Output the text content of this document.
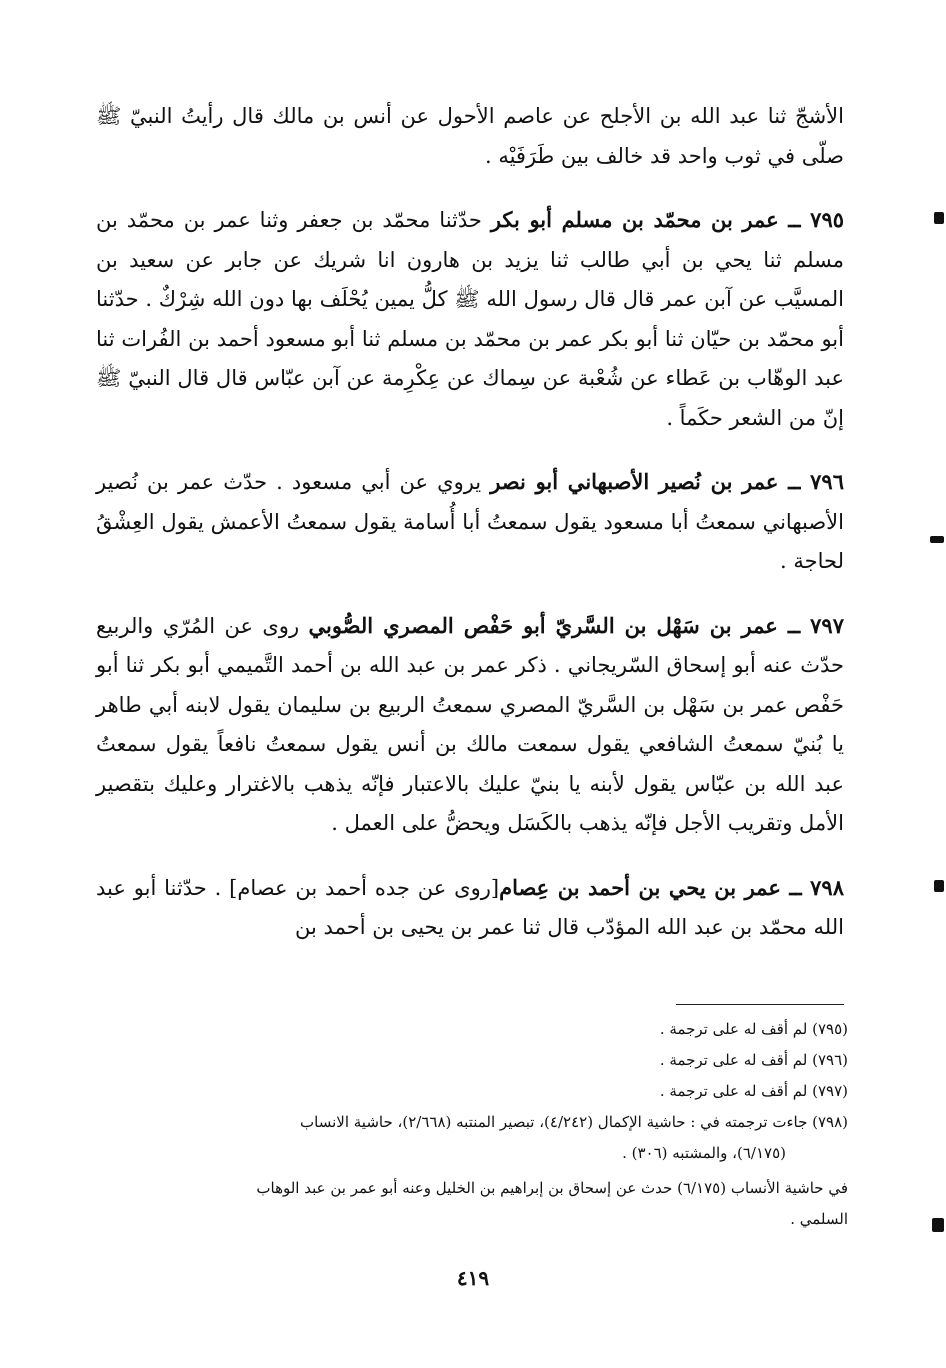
الأشجّ ثنا عبد الله بن الأجلح عن عاصم الأحول عن أنس بن مالك قال رأيتُ النبيّ ﷺ صلّى في ثوب واحد قد خالف بين طَرَفَيْه .

٧٩٥ ــ عمر بن محمّد بن مسلم أبو بكر حدّثنا محمّد بن جعفر وثنا عمر بن محمّد بن مسلم ثنا يحي بن أبي طالب ثنا يزيد بن هارون انا شريك عن جابر عن سعيد بن المسيَّب عن آبن عمر قال قال رسول الله ﷺ كلُّ يمين يُحْلَف بها دون الله شِرْكٌ . حدّثنا أبو محمّد بن حيّان ثنا أبو بكر عمر بن محمّد بن مسلم ثنا أبو مسعود أحمد بن الفُرات ثنا عبد الوهّاب بن عَطاء عن شُعْبة عن سِماك عن عِكْرِمة عن آبن عبّاس قال قال النبيّ ﷺ إنّ من الشعر حكَماً .

٧٩٦ ــ عمر بن نُصير الأصبهاني أبو نصر يروي عن أبي مسعود . حدّث عمر بن نُصير الأصبهاني سمعتُ أبا مسعود يقول سمعتُ أبا أُسامة يقول سمعتُ الأعمش يقول العِشْقُ لحاجة .

٧٩٧ ــ عمر بن سَهْل بن السَّريّ أبو حَفْص المصري الصُّوبي روى عن المُرّي والربيع حدّث عنه أبو إسحاق السّريجاني . ذكر عمر بن عبد الله بن أحمد التَّميمي أبو بكر ثنا أبو حَفْص عمر بن سَهْل بن السَّريّ المصري سمعتُ الربيع بن سليمان يقول لابنه أبي طاهر يا بُنيّ سمعتُ الشافعي يقول سمعت مالك بن أنس يقول سمعتُ نافعاً يقول سمعتُ عبد الله بن عبّاس يقول لأبنه يا بنيّ عليك بالاعتبار فإنّه يذهب بالاغترار وعليك بتقصير الأمل وتقريب الأجل فإنّه يذهب بالكَسَل ويحضُّ على العمل .

٧٩٨ ــ عمر بن يحي بن أحمد بن عِصام[روى عن جده أحمد بن عصام] . حدّثنا أبو عبد الله محمّد بن عبد الله المؤدّب قال ثنا عمر بن يحيى بن أحمد بن

(٧٩٥) لم أقف له على ترجمة .

(٧٩٦) لم أقف له على ترجمة .

(٧٩٧) لم أقف له على ترجمة .

(٧٩٨) جاءت ترجمته في : حاشية الإكمال (٤/٢٤٢)، تبصير المنتبه (٢/٦٦٨)، حاشية الانساب
(٦/١٧٥)، والمشتبه (٣٠٦) .

في حاشية الأنساب (٦/١٧٥) حدث عن إسحاق بن إبراهيم بن الخليل وعنه أبو عمر بن عبد الوهاب
السلمي .

٤١٩
